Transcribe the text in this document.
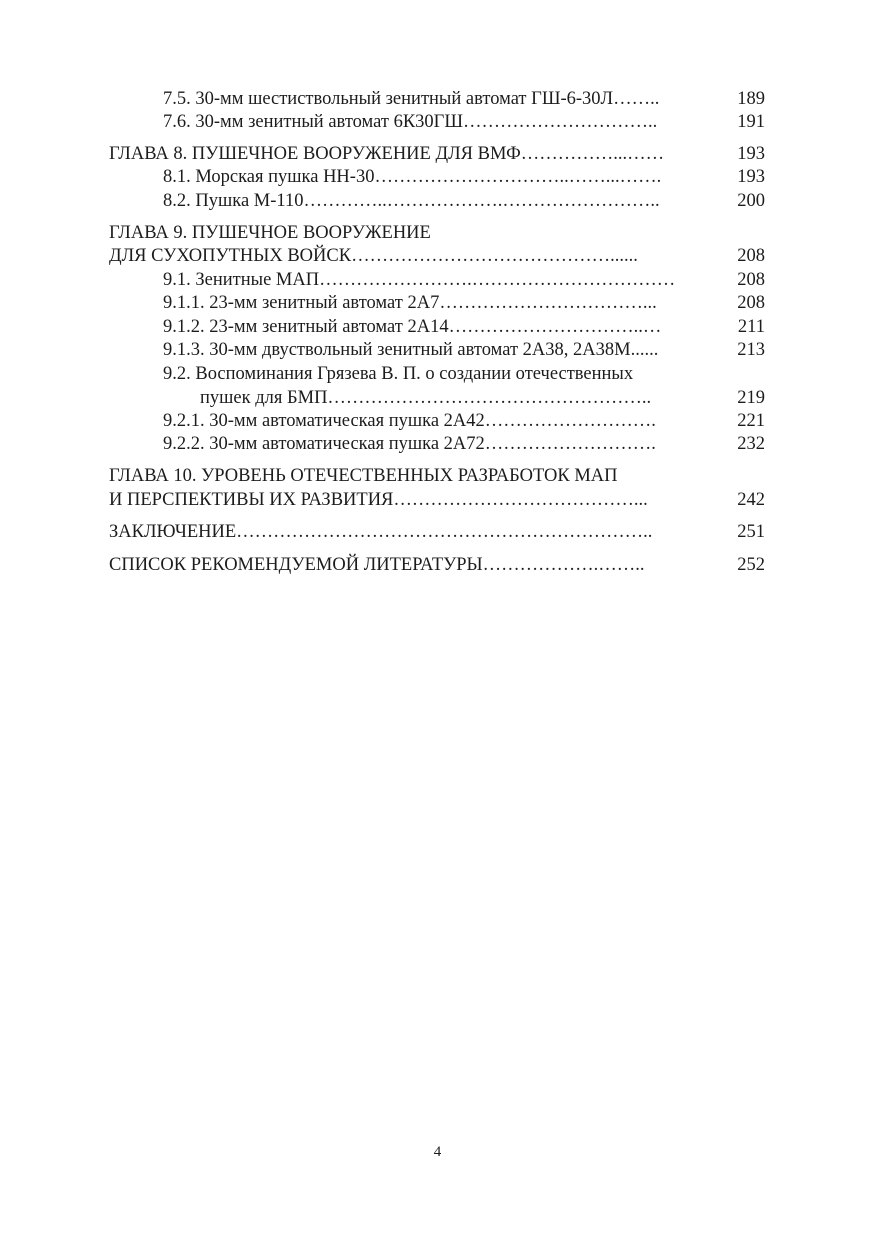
7.5. 30-мм шестиствольный зенитный автомат ГШ-6-30Л……..	189
7.6. 30-мм зенитный автомат 6К30ГШ…………………………..	191
ГЛАВА 8. ПУШЕЧНОЕ ВООРУЖЕНИЕ ДЛЯ ВМФ……………...……	193
8.1. Морская пушка НН-30…………………………..……...…….	193
8.2. Пушка М-110…………..……………….……………………..	200
ГЛАВА 9. ПУШЕЧНОЕ ВООРУЖЕНИЕ
ДЛЯ СУХОПУТНЫХ ВОЙСК……………………………………......	208
9.1. Зенитные МАП…………………….……………………………	208
9.1.1. 23-мм зенитный автомат 2А7……………………………...	208
9.1.2. 23-мм зенитный автомат 2А14…………………………..…	211
9.1.3. 30-мм двуствольный зенитный автомат 2А38, 2А38М......	213
9.2. Воспоминания Грязева В. П. о создании отечественных
пушек для БМП……………………………………………..	219
9.2.1. 30-мм автоматическая пушка 2А42……………………….	221
9.2.2. 30-мм автоматическая пушка 2А72……………………….	232
ГЛАВА 10. УРОВЕНЬ ОТЕЧЕСТВЕННЫХ РАЗРАБОТОК МАП
И ПЕРСПЕКТИВЫ ИХ РАЗВИТИЯ…………………………………...	242
ЗАКЛЮЧЕНИЕ…………………………………………………………..	251
СПИСОК РЕКОМЕНДУЕМОЙ ЛИТЕРАТУРЫ……………….……..	252
4
